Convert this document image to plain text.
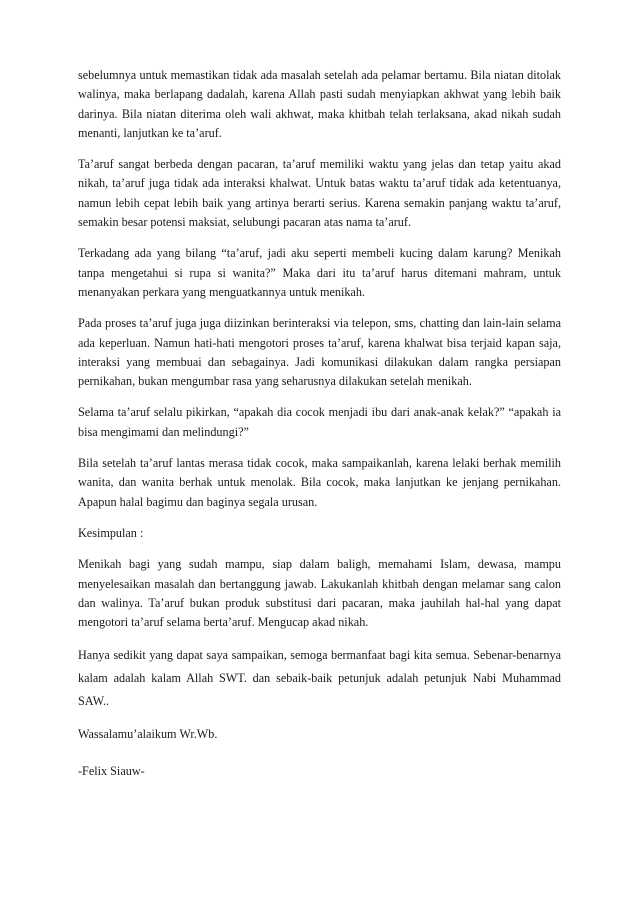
sebelumnya untuk memastikan tidak ada masalah setelah ada pelamar bertamu. Bila niatan ditolak walinya, maka berlapang dadalah, karena Allah pasti sudah menyiapkan akhwat yang lebih baik darinya. Bila niatan diterima oleh wali akhwat, maka khitbah telah terlaksana, akad nikah sudah menanti, lanjutkan ke ta’aruf.

Ta’aruf sangat berbeda dengan pacaran, ta’aruf memiliki waktu yang jelas dan tetap yaitu akad nikah, ta’aruf juga tidak ada interaksi khalwat. Untuk batas waktu ta’aruf tidak ada ketentuanya, namun lebih cepat lebih baik yang artinya berarti serius. Karena semakin panjang waktu ta’aruf, semakin besar potensi maksiat, selubungi pacaran atas nama ta’aruf.

Terkadang ada yang bilang “ta’aruf, jadi aku seperti membeli kucing dalam karung? Menikah tanpa mengetahui si rupa si wanita?” Maka dari itu ta’aruf harus ditemani mahram, untuk menanyakan perkara yang menguatkannya untuk menikah.

Pada proses ta’aruf juga juga diizinkan berinteraksi via telepon, sms, chatting dan lain-lain selama ada keperluan. Namun hati-hati mengotori proses ta’aruf, karena khalwat bisa terjaid kapan saja, interaksi yang membuai dan sebagainya. Jadi komunikasi dilakukan dalam rangka persiapan pernikahan, bukan mengumbar rasa yang seharusnya dilakukan setelah menikah.

Selama ta’aruf selalu pikirkan, “apakah dia cocok menjadi ibu dari anak-anak kelak?” “apakah ia bisa mengimami dan melindungi?”

Bila setelah ta’aruf lantas merasa tidak cocok, maka sampaikanlah, karena lelaki berhak memilih wanita, dan wanita berhak untuk menolak. Bila cocok, maka lanjutkan ke jenjang pernikahan. Apapun halal bagimu dan baginya segala urusan.

Kesimpulan :

Menikah bagi yang sudah mampu, siap dalam baligh, memahami Islam, dewasa, mampu menyelesaikan masalah dan bertanggung jawab. Lakukanlah khitbah dengan melamar sang calon dan walinya. Ta’aruf bukan produk substitusi dari pacaran, maka jauhilah hal-hal yang dapat mengotori ta’aruf selama berta’aruf. Mengucap akad nikah.

Hanya sedikit yang dapat saya sampaikan, semoga bermanfaat bagi kita semua. Sebenar-benarnya kalam adalah kalam Allah SWT. dan sebaik-baik petunjuk adalah petunjuk Nabi Muhammad SAW..

Wassalamu’alaikum Wr.Wb.

-Felix Siauw-
